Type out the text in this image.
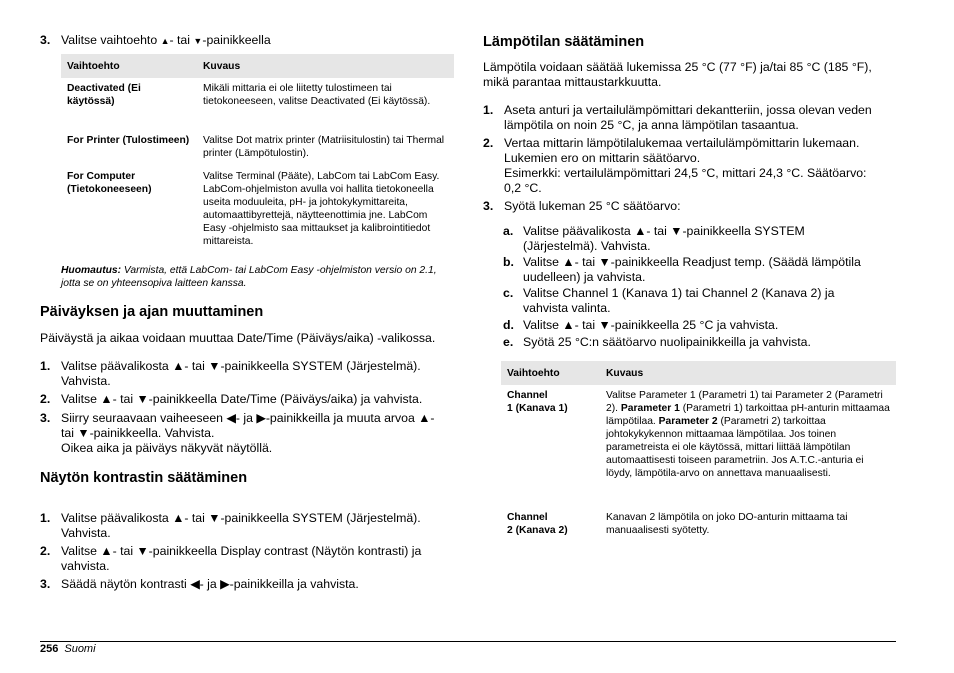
3. Valitse vaihtoehto ▲- tai ▼-painikkeella
Vaihtoehto	Kuvaus
Deactivated (Ei käytössä)	Mikäli mittaria ei ole liitetty tulostimeen tai tietokoneeseen, valitse Deactivated (Ei käytössä).
For Printer (Tulostimeen)	Valitse Dot matrix printer (Matriisitulostin) tai Thermal printer (Lämpötulostin).
For Computer (Tietokoneeseen)	Valitse Terminal (Pääte), LabCom tai LabCom Easy. LabCom-ohjelmiston avulla voi hallita tietokoneella useita moduuleita, pH- ja johtokykymittareita, automaattibyrettejä, näytteenottimia jne. LabCom Easy -ohjelmisto saa mittaukset ja kalibrointitiedot mittareista.
Huomautus: Varmista, että LabCom- tai LabCom Easy -ohjelmiston versio on 2.1, jotta se on yhteensopiva laitteen kanssa.
Päiväyksen ja ajan muuttaminen
Päiväystä ja aikaa voidaan muuttaa Date/Time (Päiväys/aika) -valikossa.
1. Valitse päävalikosta ▲- tai ▼-painikkeella SYSTEM (Järjestelmä).
Vahvista.
2. Valitse ▲- tai ▼-painikkeella Date/Time (Päiväys/aika) ja vahvista.
3. Siirry seuraavaan vaiheeseen ◀- ja ▶-painikkeilla ja muuta arvoa ▲-
tai ▼-painikkeella. Vahvista.
Oikea aika ja päiväys näkyvät näytöllä.
Näytön kontrastin säätäminen
1. Valitse päävalikosta ▲- tai ▼-painikkeella SYSTEM (Järjestelmä).
Vahvista.
2. Valitse ▲- tai ▼-painikkeella Display contrast (Näytön kontrasti) ja
vahvista.
3. Säädä näytön kontrasti ◀- ja ▶-painikkeilla ja vahvista.
Lämpötilan säätäminen
Lämpötila voidaan säätää lukemissa 25 °C (77 °F) ja/tai 85 °C (185 °F),
mikä parantaa mittaustarkkuutta.
1. Aseta anturi ja vertailulämpömittari dekantteriin, jossa olevan veden
lämpötila on noin 25 °C, ja anna lämpötilan tasaantua.
2. Vertaa mittarin lämpötilalukemaa vertailulämpömittarin lukemaan.
Lukemien ero on mittarin säätöarvo.
Esimerkki: vertailulämpömittari 24,5 °C, mittari 24,3 °C. Säätöarvo:
0,2 °C.
3. Syötä lukeman 25 °C säätöarvo:
a. Valitse päävalikosta ▲- tai ▼-painikkeella SYSTEM
(Järjestelmä). Vahvista.
b. Valitse ▲- tai ▼-painikkeella Readjust temp. (Säädä lämpötila
uudelleen) ja vahvista.
c. Valitse Channel 1 (Kanava 1) tai Channel 2 (Kanava 2) ja
vahvista valinta.
d. Valitse ▲- tai ▼-painikkeella 25 °C ja vahvista.
e. Syötä 25 °C:n säätöarvo nuolipainikkeilla ja vahvista.
Vaihtoehto	Kuvaus
Channel
1 (Kanava 1)	Valitse Parameter 1 (Parametri 1) tai Parameter 2 (Parametri 2). Parameter 1 (Parametri 1) tarkoittaa pH-anturin mittaamaa lämpötilaa. Parameter 2 (Parametri 2) tarkoittaa johtokykykennon mittaamaa lämpötilaa. Jos toinen parametreista ei ole käytössä, mittari liittää lämpötilan automaattisesti toiseen parametriin. Jos A.T.C.-anturia ei löydy, lämpötila-arvo on annettava manuaalisesti.
Channel
2 (Kanava 2)	Kanavan 2 lämpötila on joko DO-anturin mittaama tai manuaalisesti syötetty.
256 Suomi
